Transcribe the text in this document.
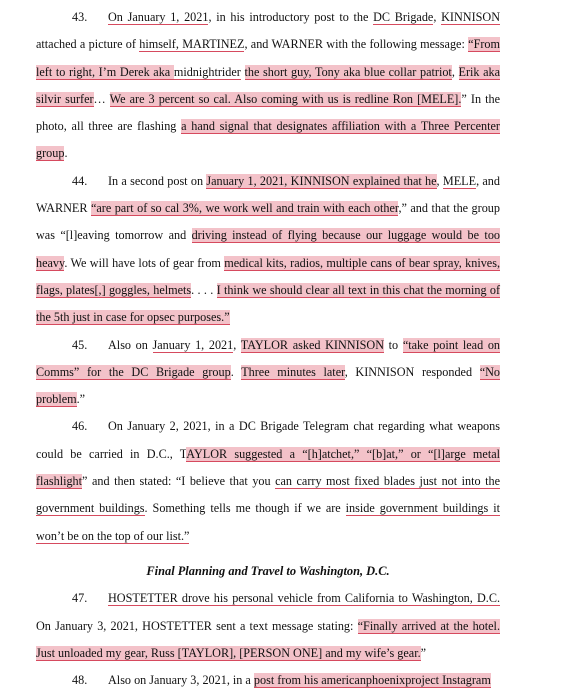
43. On January 1, 2021, in his introductory post to the DC Brigade, KINNISON attached a picture of himself, MARTINEZ, and WARNER with the following message: “From left to right, I’m Derek aka midnightrider the short guy, Tony aka blue collar patriot, Erik aka silvir surfer… We are 3 percent so cal. Also coming with us is redline Ron [MELE].” In the photo, all three are flashing a hand signal that designates affiliation with a Three Percenter group.

44. In a second post on January 1, 2021, KINNISON explained that he, MELE, and WARNER “are part of so cal 3%, we work well and train with each other,” and that the group was “[l]eaving tomorrow and driving instead of flying because our luggage would be too heavy. We will have lots of gear from medical kits, radios, multiple cans of bear spray, knives, flags, plates[,] goggles, helmets. . . . I think we should clear all text in this chat the morning of the 5th just in case for opsec purposes.”

45. Also on January 1, 2021, TAYLOR asked KINNISON to “take point lead on Comms” for the DC Brigade group. Three minutes later, KINNISON responded “No problem.”

46. On January 2, 2021, in a DC Brigade Telegram chat regarding what weapons could be carried in D.C., TAYLOR suggested a “[h]atchet,” “[b]at,” or “[l]arge metal flashlight” and then stated: “I believe that you can carry most fixed blades just not into the government buildings. Something tells me though if we are inside government buildings it won’t be on the top of our list.”

Final Planning and Travel to Washington, D.C.

47. HOSTETTER drove his personal vehicle from California to Washington, D.C. On January 3, 2021, HOSTETTER sent a text message stating: “Finally arrived at the hotel. Just unloaded my gear, Russ [TAYLOR], [PERSON ONE] and my wife’s gear.”

48. Also on January 3, 2021, in a post from his americanphoenixproject Instagram
